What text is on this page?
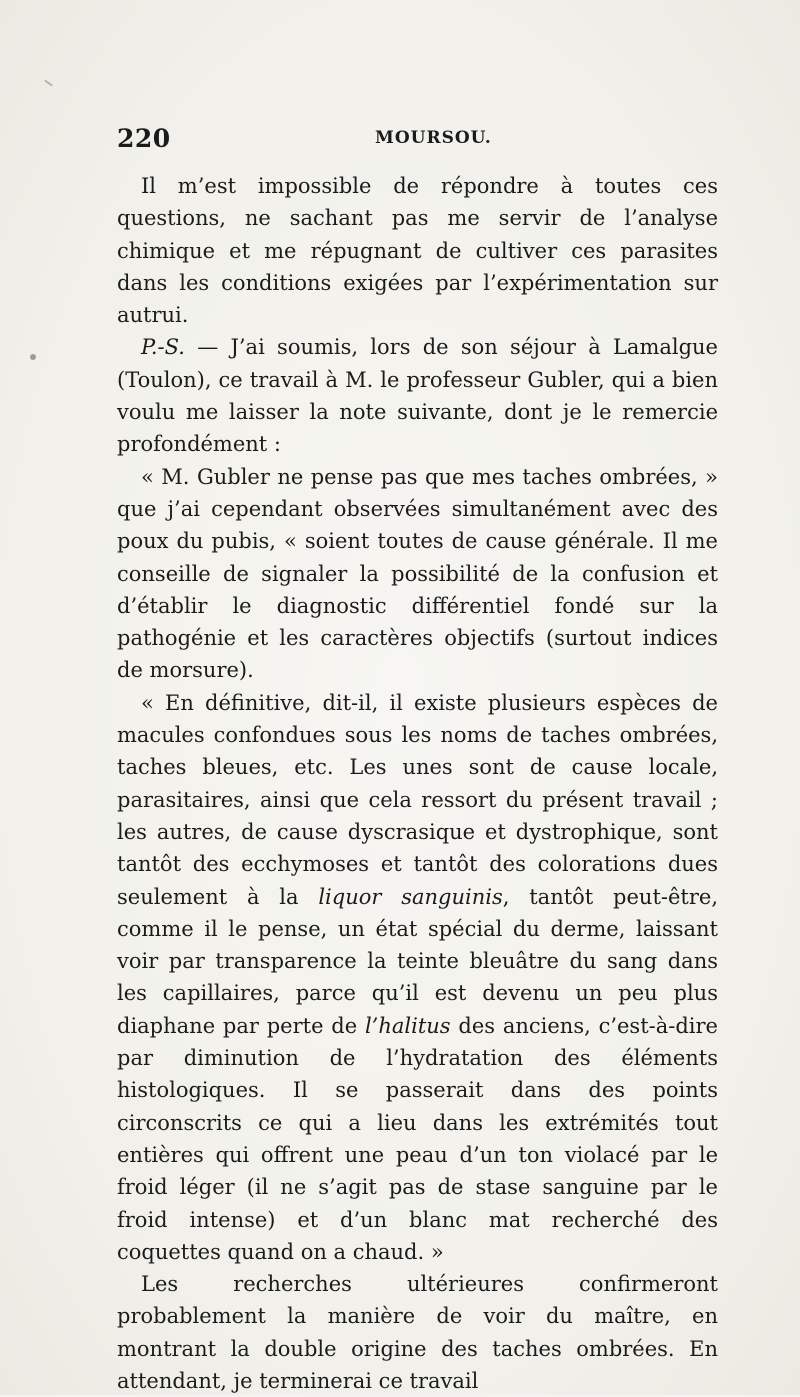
220	MOURSOU.

Il m’est impossible de répondre à toutes ces questions, ne sachant pas me servir de l’analyse chimique et me répugnant de cultiver ces parasites dans les conditions exigées par l’expérimentation sur autrui.

P.-S. — J’ai soumis, lors de son séjour à Lamalgue (Toulon), ce travail à M. le professeur Gubler, qui a bien voulu me laisser la note suivante, dont je le remercie profondément :

« M. Gubler ne pense pas que mes taches ombrées, » que j’ai cependant observées simultanément avec des poux du pubis, « soient toutes de cause générale. Il me conseille de signaler la possibilité de la confusion et d’établir le diagnostic différentiel fondé sur la pathogénie et les caractères objectifs (surtout indices de morsure).

« En définitive, dit-il, il existe plusieurs espèces de macules confondues sous les noms de taches ombrées, taches bleues, etc. Les unes sont de cause locale, parasitaires, ainsi que cela ressort du présent travail ; les autres, de cause dyscrasique et dystrophique, sont tantôt des ecchymoses et tantôt des colorations dues seulement à la liquor sanguinis, tantôt peut-être, comme il le pense, un état spécial du derme, laissant voir par transparence la teinte bleuâtre du sang dans les capillaires, parce qu’il est devenu un peu plus diaphane par perte de l’halitus des anciens, c’est-à-dire par diminution de l’hydratation des éléments histologiques. Il se passerait dans des points circonscrits ce qui a lieu dans les extrémités tout entières qui offrent une peau d’un ton violacé par le froid léger (il ne s’agit pas de stase sanguine par le froid intense) et d’un blanc mat recherché des coquettes quand on a chaud. »

Les recherches ultérieures confirmeront probablement la manière de voir du maître, en montrant la double origine des taches ombrées. En attendant, je terminerai ce travail
